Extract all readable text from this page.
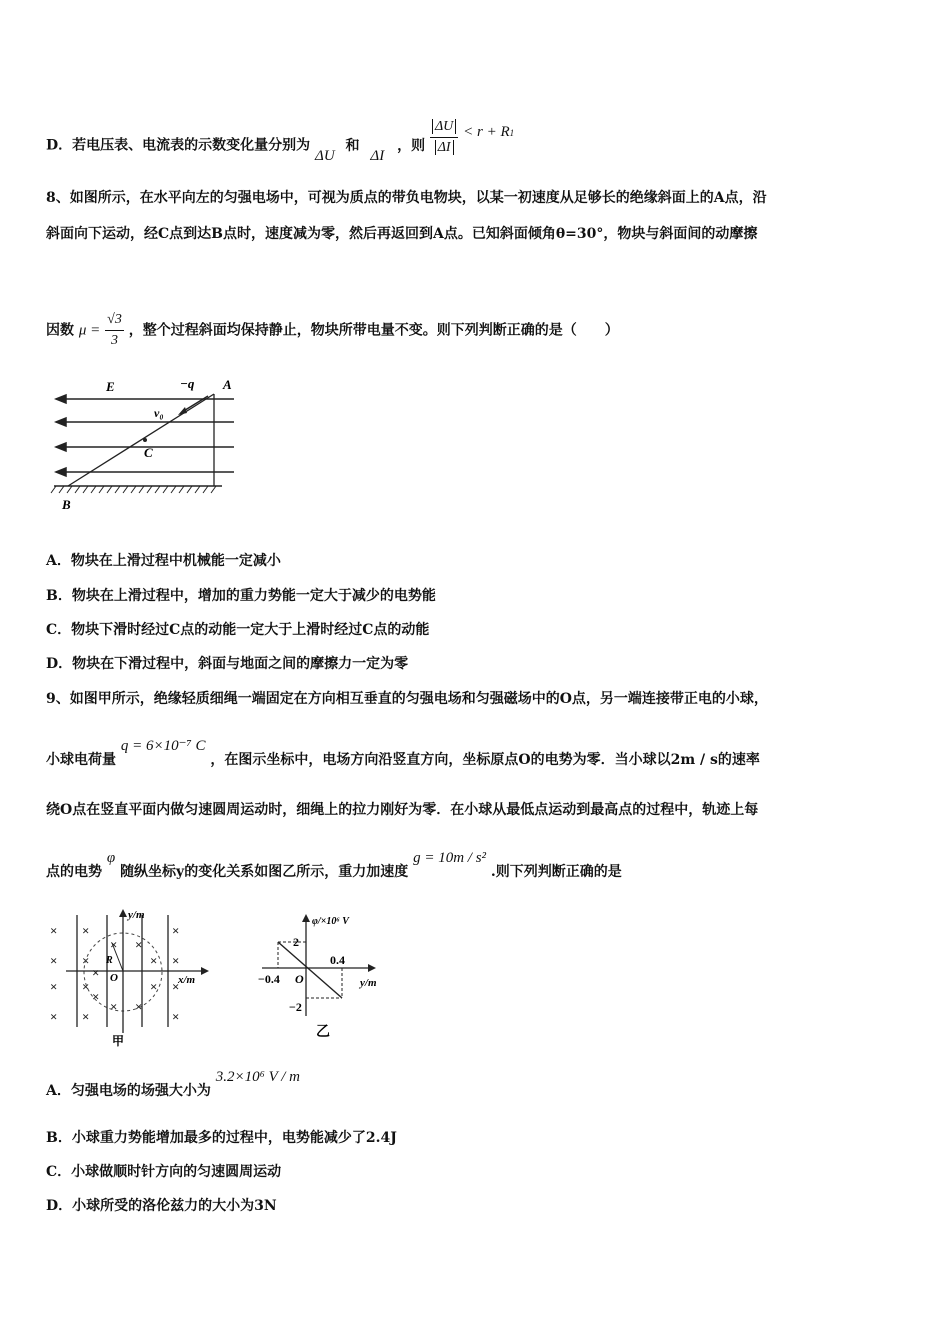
D．若电压表、电流表的示数变化量分别为 ΔU 和 ΔI ，则 $\frac{\Delta U}{\Delta I} < r + R^1$
8、如图所示，在水平向左的匀强电场中，可视为质点的带负电物块，以某一初速度从足够长的绝缘斜面上的A点，沿
斜面向下运动，经C点到达B点时，速度减为零，然后再返回到A点。已知斜面倾角θ=30°，物块与斜面间的动摩擦
因数 $\mu = \frac{√3}{3}$ ，整个过程斜面均保持静止，物块所带电量不变。则下列判断正确的是（　　）
E	−q A
v₀
C
B
A．物块在上滑过程中机械能一定减小
B．物块在上滑过程中，增加的重力势能一定大于减少的电势能
C．物块下滑时经过C点的动能一定大于上滑时经过C点的动能
D．物块在下滑过程中，斜面与地面之间的摩擦力一定为零
9、如图甲所示，绝缘轻质细绳一端固定在方向相互垂直的匀强电场和匀强磁场中的O点，另一端连接带正电的小球，
小球电荷量 q = 6×10⁻⁷ C ，在图示坐标中，电场方向沿竖直方向，坐标原点O的电势为零．当小球以2m / s的速率
绕O点在竖直平面内做匀速圆周运动时，细绳上的拉力刚好为零．在小球从最低点运动到最高点的过程中，轨迹上每
点的电势 φ 随纵坐标y的变化关系如图乙所示，重力加速度 g = 10m / s² .则下列判断正确的是
×
×
×
×
×
×
×
×
×
×
×
×
×
×
×
×
×
×
×
×
y/m
x/m
R
O
甲
φ/×10⁶ V
y/m
2
−2
−0.4
0.4
O
乙
A．匀强电场的场强大小为 3.2×10⁶ V / m
B．小球重力势能增加最多的过程中，电势能减少了2.4J
C．小球做顺时针方向的匀速圆周运动
D．小球所受的洛伦兹力的大小为3N
